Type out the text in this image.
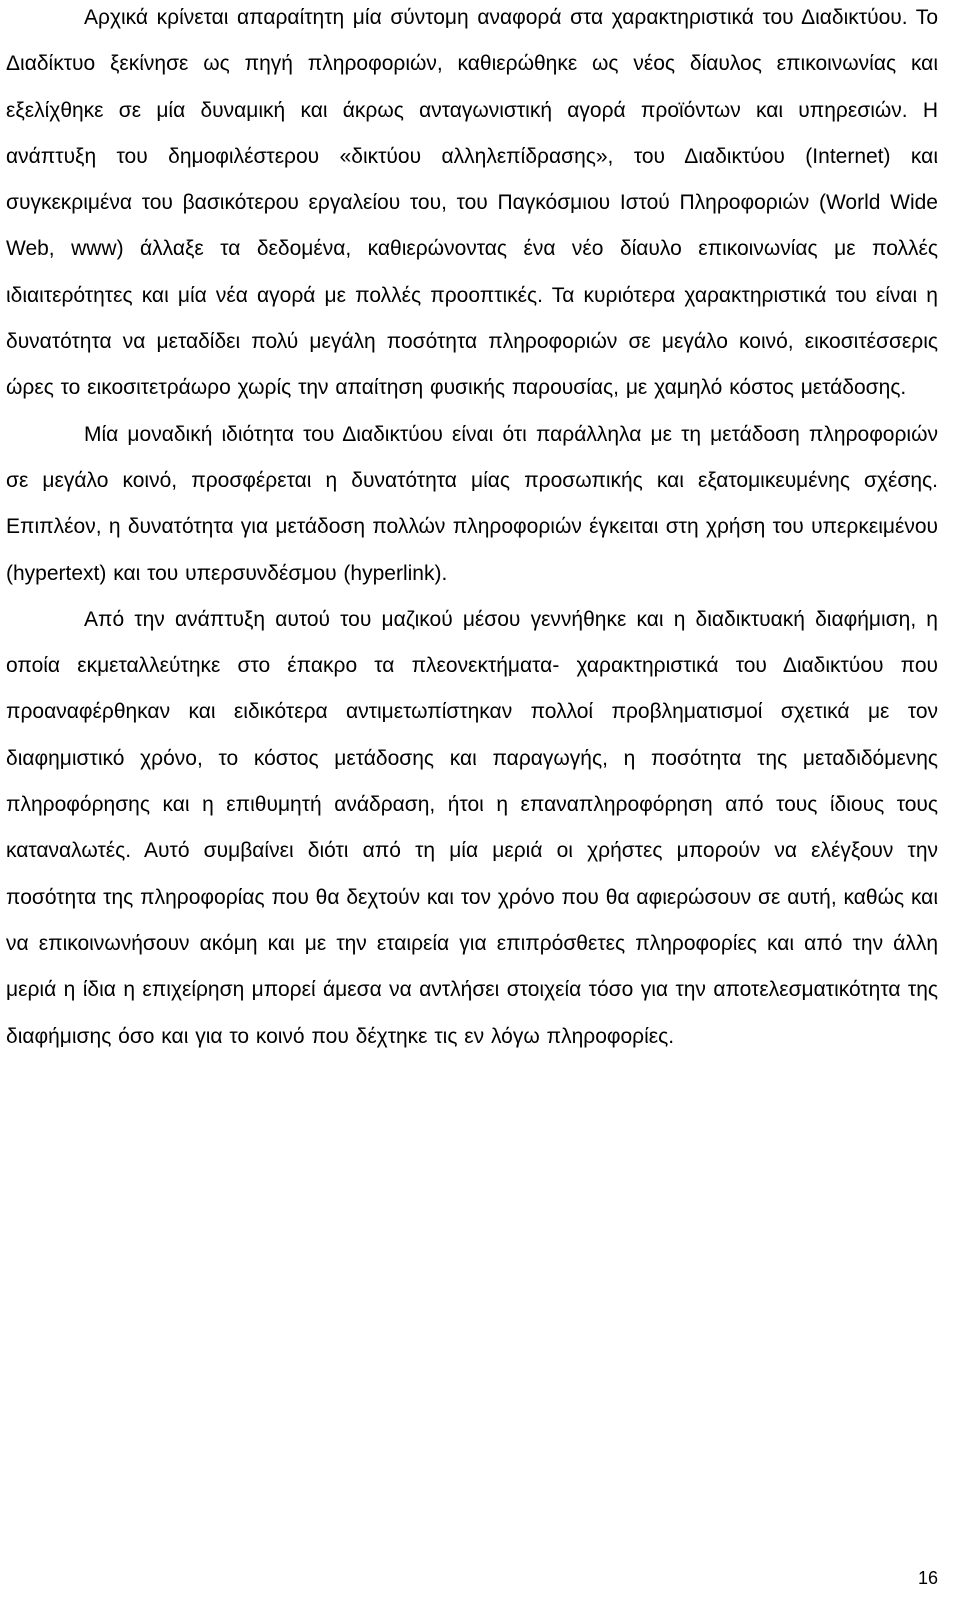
Αρχικά κρίνεται απαραίτητη μία σύντομη αναφορά στα χαρακτηριστικά του Διαδικτύου. Το Διαδίκτυο ξεκίνησε ως πηγή πληροφοριών, καθιερώθηκε ως νέος δίαυλος επικοινωνίας και εξελίχθηκε σε μία δυναμική και άκρως ανταγωνιστική αγορά προϊόντων και υπηρεσιών. Η ανάπτυξη του δημοφιλέστερου «δικτύου αλληλεπίδρασης», του Διαδικτύου (Internet) και συγκεκριμένα του βασικότερου εργαλείου του, του Παγκόσμιου Ιστού Πληροφοριών (World Wide Web, www) άλλαξε τα δεδομένα, καθιερώνοντας ένα νέο δίαυλο επικοινωνίας με πολλές ιδιαιτερότητες και μία νέα αγορά με πολλές προοπτικές. Τα κυριότερα χαρακτηριστικά του είναι η δυνατότητα να μεταδίδει πολύ μεγάλη ποσότητα πληροφοριών σε μεγάλο κοινό, εικοσιτέσσερις ώρες το εικοσιτετράωρο χωρίς την απαίτηση φυσικής παρουσίας, με χαμηλό κόστος μετάδοσης.

Μία μοναδική ιδιότητα του Διαδικτύου είναι ότι παράλληλα με τη μετάδοση πληροφοριών σε μεγάλο κοινό, προσφέρεται η δυνατότητα μίας προσωπικής και εξατομικευμένης σχέσης. Επιπλέον, η δυνατότητα για μετάδοση πολλών πληροφοριών έγκειται στη χρήση του υπερκειμένου (hypertext) και του υπερσυνδέσμου (hyperlink).

Από την ανάπτυξη αυτού του μαζικού μέσου γεννήθηκε και η διαδικτυακή διαφήμιση, η οποία εκμεταλλεύτηκε στο έπακρο τα πλεονεκτήματα- χαρακτηριστικά του Διαδικτύου που προαναφέρθηκαν και ειδικότερα αντιμετωπίστηκαν πολλοί προβληματισμοί σχετικά με τον διαφημιστικό χρόνο, το κόστος μετάδοσης και παραγωγής, η ποσότητα της μεταδιδόμενης πληροφόρησης και η επιθυμητή ανάδραση, ήτοι η επαναπληροφόρηση από τους ίδιους τους καταναλωτές. Αυτό συμβαίνει διότι από τη μία μεριά οι χρήστες μπορούν να ελέγξουν την ποσότητα της πληροφορίας που θα δεχτούν και τον χρόνο που θα αφιερώσουν σε αυτή, καθώς και να επικοινωνήσουν ακόμη και με την εταιρεία για επιπρόσθετες πληροφορίες και από την άλλη μεριά η ίδια η επιχείρηση μπορεί άμεσα να αντλήσει στοιχεία τόσο για την αποτελεσματικότητα της διαφήμισης όσο και για το κοινό που δέχτηκε τις εν λόγω πληροφορίες.

16
